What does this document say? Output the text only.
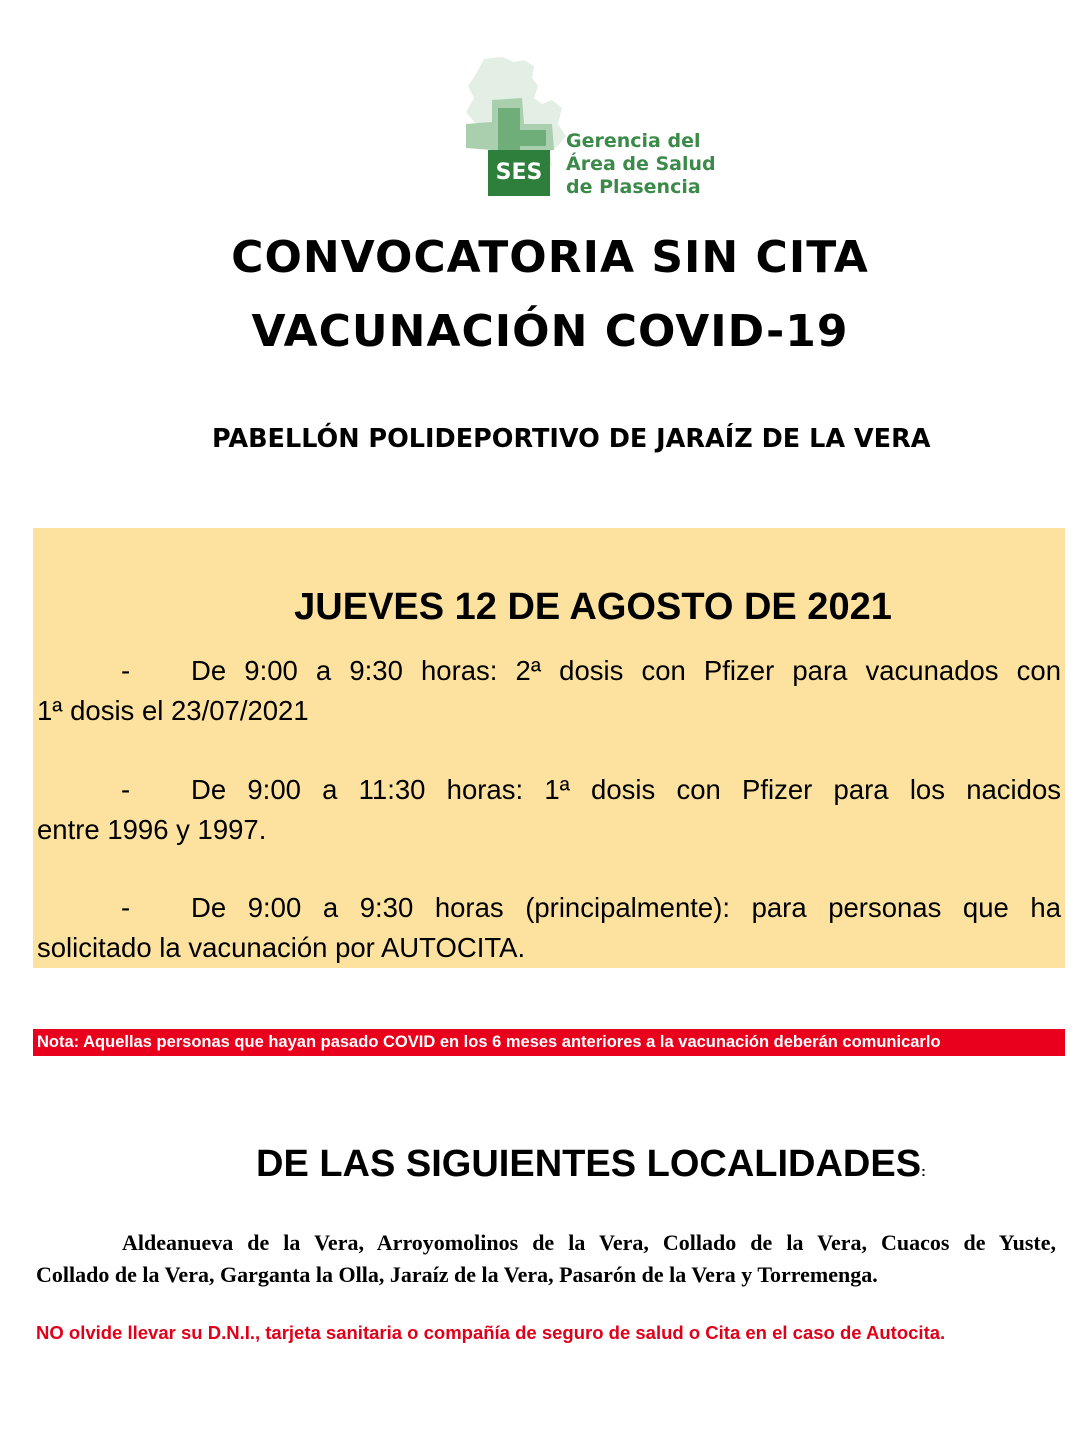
SES
Gerencia del
Área de Salud
de Plasencia
CONVOCATORIA SIN CITA
VACUNACIÓN COVID-19
PABELLÓN POLIDEPORTIVO DE JARAÍZ DE LA VERA
JUEVES 12 DE AGOSTO DE 2021
- De 9:00 a 9:30 horas: 2ª dosis con Pfizer para vacunados con
1ª dosis el 23/07/2021
- De 9:00 a 11:30 horas: 1ª dosis con Pfizer para los nacidos
entre 1996 y 1997.
- De 9:00 a 9:30 horas (principalmente): para personas que ha
solicitado la vacunación por AUTOCITA.
Nota: Aquellas personas que hayan pasado COVID en los 6 meses anteriores a la vacunación deberán comunicarlo
DE LAS SIGUIENTES LOCALIDADES:
Aldeanueva de la Vera, Arroyomolinos de la Vera, Collado de la Vera, Cuacos de Yuste,
Collado de la Vera, Garganta la Olla, Jaraíz de la Vera, Pasarón de la Vera y Torremenga.
NO olvide llevar su D.N.I., tarjeta sanitaria o compañía de seguro de salud o Cita en el caso de Autocita.
